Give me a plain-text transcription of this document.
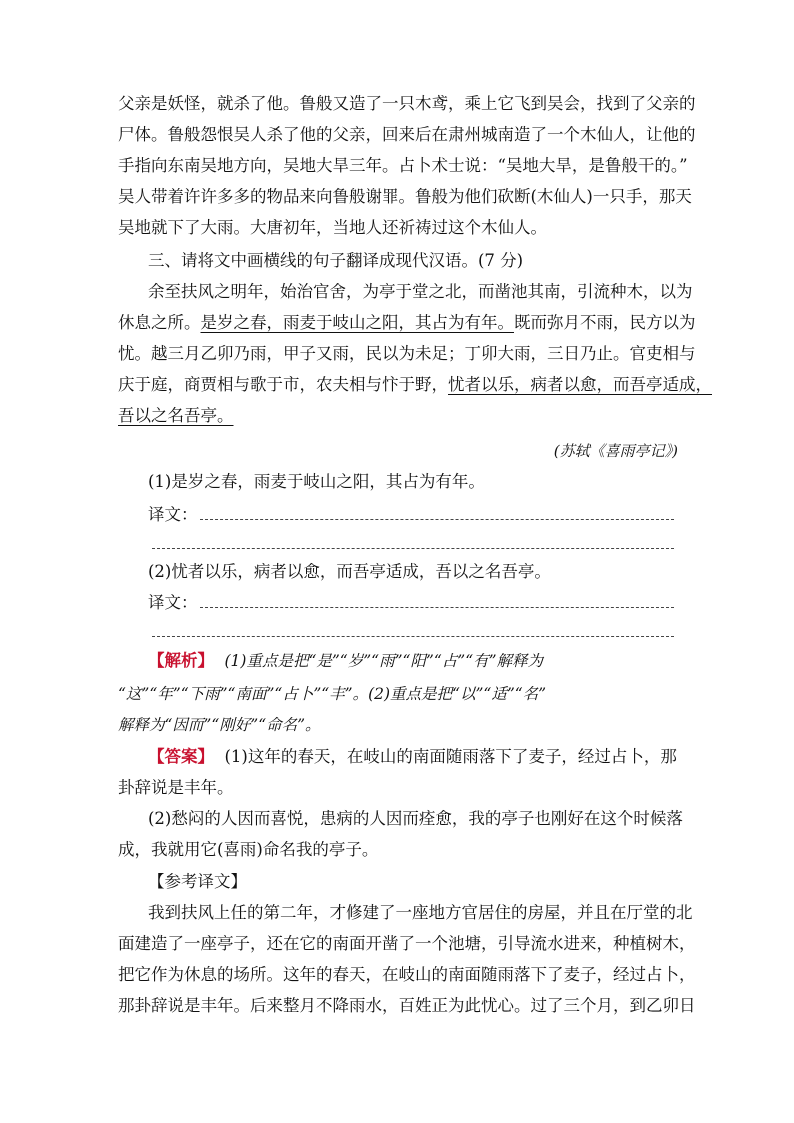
父亲是妖怪，就杀了他。鲁般又造了一只木鸢，乘上它飞到吴会，找到了父亲的
尸体。鲁般怨恨吴人杀了他的父亲，回来后在肃州城南造了一个木仙人，让他的
手指向东南吴地方向，吴地大旱三年。占卜术士说：“吴地大旱，是鲁般干的。”
吴人带着许许多多的物品来向鲁般谢罪。鲁般为他们砍断(木仙人)一只手，那天
吴地就下了大雨。大唐初年，当地人还祈祷过这个木仙人。
三、请将文中画横线的句子翻译成现代汉语。(7 分)
余至扶风之明年，始治官舍，为亭于堂之北，而凿池其南，引流种木，以为
休息之所。是岁之春，雨麦于岐山之阳，其占为有年。既而弥月不雨，民方以为
忧。越三月乙卯乃雨，甲子又雨，民以为未足；丁卯大雨，三日乃止。官吏相与
庆于庭，商贾相与歌于市，农夫相与忭于野，忧者以乐，病者以愈，而吾亭适成，
吾以之名吾亭。
(苏轼《喜雨亭记》)
(1)是岁之春，雨麦于岐山之阳，其占为有年。
译文：
(2)忧者以乐，病者以愈，而吾亭适成，吾以之名吾亭。
译文：
【解析】 (1)重点是把“是”“岁”“雨”“阳”“占”“有”解释为
“这”“年”“下雨”“南面”“占卜”“丰”。(2)重点是把“以”“适”“名”
解释为“因而”“刚好”“命名”。
【答案】 (1)这年的春天，在岐山的南面随雨落下了麦子，经过占卜，那
卦辞说是丰年。
(2)愁闷的人因而喜悦，患病的人因而痊愈，我的亭子也刚好在这个时候落
成，我就用它(喜雨)命名我的亭子。
【参考译文】
我到扶风上任的第二年，才修建了一座地方官居住的房屋，并且在厅堂的北
面建造了一座亭子，还在它的南面开凿了一个池塘，引导流水进来，种植树木，
把它作为休息的场所。这年的春天，在岐山的南面随雨落下了麦子，经过占卜，
那卦辞说是丰年。后来整月不降雨水，百姓正为此忧心。过了三个月，到乙卯日
